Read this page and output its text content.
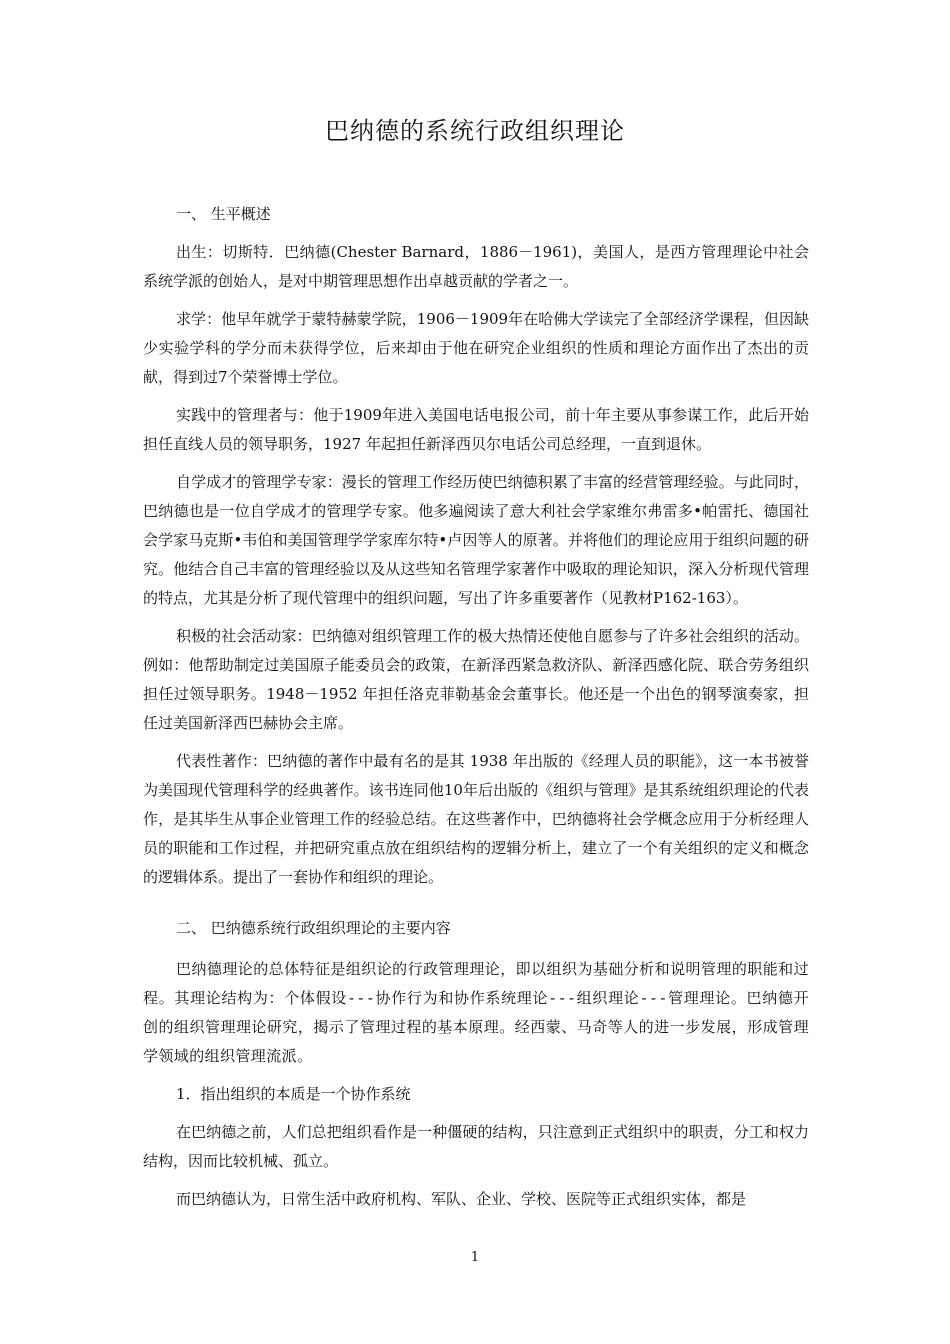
巴纳德的系统行政组织理论

一、 生平概述

出生：切斯特．巴纳德(Chester Barnard，1886－1961)，美国人，是西方管理理论中社会系统学派的创始人，是对中期管理思想作出卓越贡献的学者之一。

求学：他早年就学于蒙特赫蒙学院，1906－1909年在哈佛大学读完了全部经济学课程，但因缺少实验学科的学分而未获得学位，后来却由于他在研究企业组织的性质和理论方面作出了杰出的贡献，得到过7个荣誉博士学位。

实践中的管理者与：他于1909年进入美国电话电报公司，前十年主要从事参谋工作，此后开始担任直线人员的领导职务，1927 年起担任新泽西贝尔电话公司总经理，一直到退休。

自学成才的管理学专家：漫长的管理工作经历使巴纳德积累了丰富的经营管理经验。与此同时，巴纳德也是一位自学成才的管理学专家。他多遍阅读了意大利社会学家维尔弗雷多•帕雷托、德国社会学家马克斯•韦伯和美国管理学学家库尔特•卢因等人的原著。并将他们的理论应用于组织问题的研究。他结合自己丰富的管理经验以及从这些知名管理学家著作中吸取的理论知识，深入分析现代管理的特点，尤其是分析了现代管理中的组织问题，写出了许多重要著作（见教材P162-163）。

积极的社会活动家：巴纳德对组织管理工作的极大热情还使他自愿参与了许多社会组织的活动。例如：他帮助制定过美国原子能委员会的政策，在新泽西紧急救济队、新泽西感化院、联合劳务组织担任过领导职务。1948－1952 年担任洛克菲勒基金会董事长。他还是一个出色的钢琴演奏家，担任过美国新泽西巴赫协会主席。

代表性著作：巴纳德的著作中最有名的是其 1938 年出版的《经理人员的职能》，这一本书被誉为美国现代管理科学的经典著作。该书连同他10年后出版的《组织与管理》是其系统组织理论的代表作，是其毕生从事企业管理工作的经验总结。在这些著作中，巴纳德将社会学概念应用于分析经理人员的职能和工作过程，并把研究重点放在组织结构的逻辑分析上，建立了一个有关组织的定义和概念的逻辑体系。提出了一套协作和组织的理论。

二、 巴纳德系统行政组织理论的主要内容

巴纳德理论的总体特征是组织论的行政管理理论，即以组织为基础分析和说明管理的职能和过程。其理论结构为：个体假设---协作行为和协作系统理论---组织理论---管理理论。巴纳德开创的组织管理理论研究，揭示了管理过程的基本原理。经西蒙、马奇等人的进一步发展，形成管理学领域的组织管理流派。

1．指出组织的本质是一个协作系统

在巴纳德之前，人们总把组织看作是一种僵硬的结构，只注意到正式组织中的职责，分工和权力结构，因而比较机械、孤立。

而巴纳德认为，日常生活中政府机构、军队、企业、学校、医院等正式组织实体，都是

1
